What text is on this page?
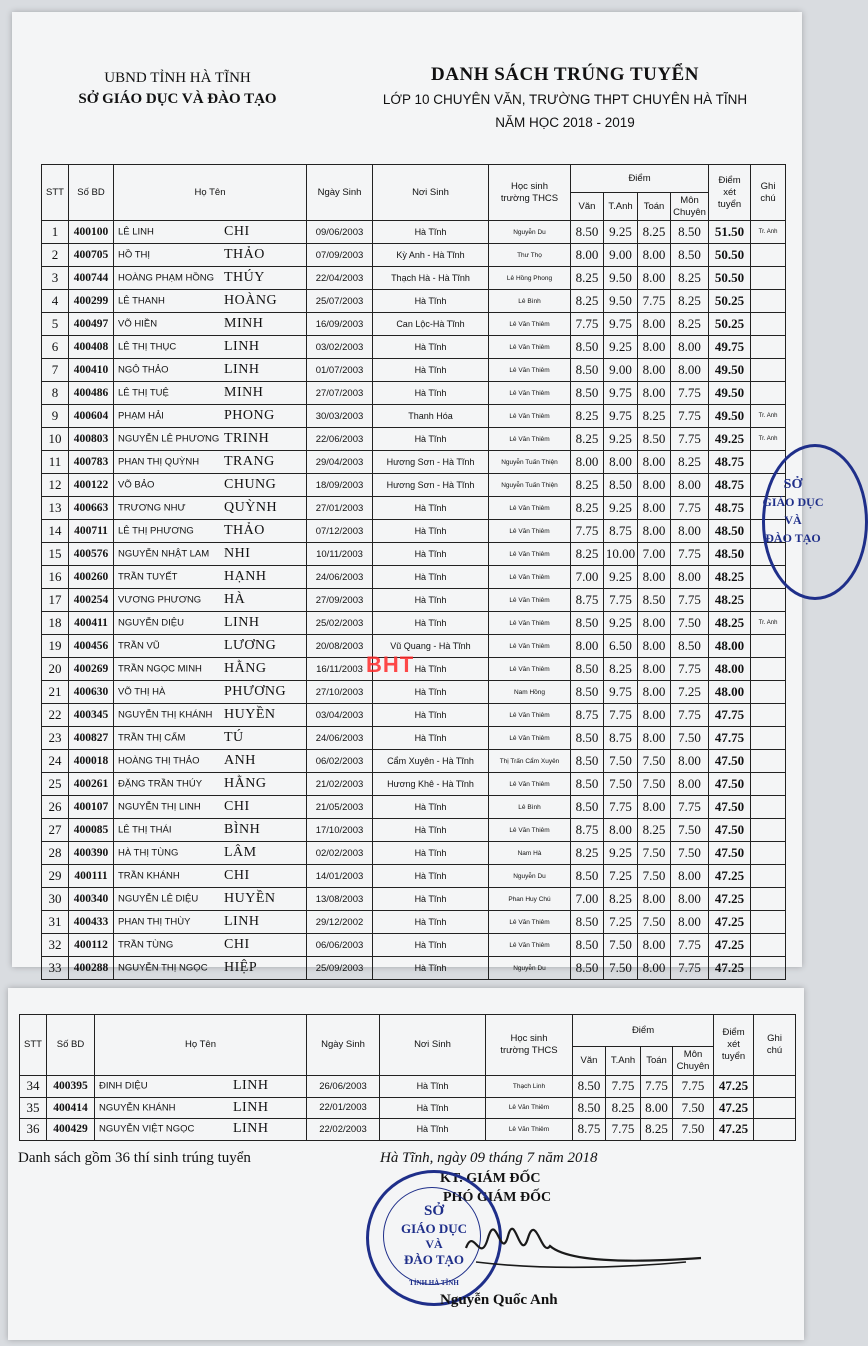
UBND TỈNH HÀ TĨNH
SỞ GIÁO DỤC VÀ ĐÀO TẠO
DANH SÁCH TRÚNG TUYỂN
LỚP 10 CHUYÊN VĂN, TRƯỜNG THPT CHUYÊN HÀ TĨNH
NĂM HỌC 2018 - 2019
STT	Số BD	Họ Tên	Ngày Sinh	Nơi Sinh	Học sinh
trường THCS	Điểm				Điểm
xét
tuyển	Ghi
chú
						Văn	T.Anh	Toán	Môn
Chuyên		
1	400100	LÊ LINH CHI	09/06/2003	Hà Tĩnh	Nguyễn Du	8.50	9.25	8.25	8.50	51.50	Tr. Anh
2	400705	HỒ THỊ THẢO	07/09/2003	Kỳ Anh - Hà Tĩnh	Thư Thọ	8.00	9.00	8.00	8.50	50.50	
3	400744	HOÀNG PHẠM HỒNG THÚY	22/04/2003	Thạch Hà - Hà Tĩnh	Lê Hồng Phong	8.25	9.50	8.00	8.25	50.50	
4	400299	LÊ THANH HOÀNG	25/07/2003	Hà Tĩnh	Lê Bình	8.25	9.50	7.75	8.25	50.25	
5	400497	VÕ HIỀN MINH	16/09/2003	Can Lộc-Hà Tĩnh	Lê Văn Thiêm	7.75	9.75	8.00	8.25	50.25	
6	400408	LÊ THỊ THỤC LINH	03/02/2003	Hà Tĩnh	Lê Văn Thiêm	8.50	9.25	8.00	8.00	49.75	
7	400410	NGÔ THẢO LINH	01/07/2003	Hà Tĩnh	Lê Văn Thiêm	8.50	9.00	8.00	8.00	49.50	
8	400486	LÊ THỊ TUỆ MINH	27/07/2003	Hà Tĩnh	Lê Văn Thiêm	8.50	9.75	8.00	7.75	49.50	
9	400604	PHẠM HẢI PHONG	30/03/2003	Thanh Hóa	Lê Văn Thiêm	8.25	9.75	8.25	7.75	49.50	Tr. Anh
10	400803	NGUYỄN LÊ PHƯƠNG TRINH	22/06/2003	Hà Tĩnh	Lê Văn Thiêm	8.25	9.25	8.50	7.75	49.25	Tr. Anh
11	400783	PHAN THỊ QUỲNH TRANG	29/04/2003	Hương Sơn - Hà Tĩnh	Nguyễn Tuấn Thiện	8.00	8.00	8.00	8.25	48.75	
12	400122	VÕ BẢO CHUNG	18/09/2003	Hương Sơn - Hà Tĩnh	Nguyễn Tuấn Thiện	8.25	8.50	8.00	8.00	48.75	
13	400663	TRƯƠNG NHƯ QUỲNH	27/01/2003	Hà Tĩnh	Lê Văn Thiêm	8.25	9.25	8.00	7.75	48.75	
14	400711	LÊ THỊ PHƯƠNG THẢO	07/12/2003	Hà Tĩnh	Lê Văn Thiêm	7.75	8.75	8.00	8.00	48.50	
15	400576	NGUYỄN NHẬT LAM NHI	10/11/2003	Hà Tĩnh	Lê Văn Thiêm	8.25	10.00	7.00	7.75	48.50	
16	400260	TRẦN TUYẾT HẠNH	24/06/2003	Hà Tĩnh	Lê Văn Thiêm	7.00	9.25	8.00	8.00	48.25	
17	400254	VƯƠNG PHƯƠNG HÀ	27/09/2003	Hà Tĩnh	Lê Văn Thiêm	8.75	7.75	8.50	7.75	48.25	
18	400411	NGUYỄN DIỆU LINH	25/02/2003	Hà Tĩnh	Lê Văn Thiêm	8.50	9.25	8.00	7.50	48.25	Tr. Anh
19	400456	TRẦN VŨ LƯƠNG	20/08/2003	Vũ Quang - Hà Tĩnh	Lê Văn Thiêm	8.00	6.50	8.00	8.50	48.00	
20	400269	TRẦN NGỌC MINH HẰNG	16/11/2003	Hà Tĩnh	Lê Văn Thiêm	8.50	8.25	8.00	7.75	48.00	
21	400630	VÕ THỊ HÀ PHƯƠNG	27/10/2003	Hà Tĩnh	Nam Hồng	8.50	9.75	8.00	7.25	48.00	
22	400345	NGUYỄN THỊ KHÁNH HUYỀN	03/04/2003	Hà Tĩnh	Lê Văn Thiêm	8.75	7.75	8.00	7.75	47.75	
23	400827	TRẦN THỊ CẨM TÚ	24/06/2003	Hà Tĩnh	Lê Văn Thiêm	8.50	8.75	8.00	7.50	47.75	
24	400018	HOÀNG THỊ THẢO ANH	06/02/2003	Cẩm Xuyên - Hà Tĩnh	Thị Trấn Cẩm Xuyên	8.50	7.50	7.50	8.00	47.50	
25	400261	ĐẶNG TRẦN THÚY HẰNG	21/02/2003	Hương Khê - Hà Tĩnh	Lê Văn Thiêm	8.50	7.50	7.50	8.00	47.50	
26	400107	NGUYỄN THỊ LINH CHI	21/05/2003	Hà Tĩnh	Lê Bình	8.50	7.75	8.00	7.75	47.50	
27	400085	LÊ THỊ THÁI BÌNH	17/10/2003	Hà Tĩnh	Lê Văn Thiêm	8.75	8.00	8.25	7.50	47.50	
28	400390	HÀ THỊ TÙNG LÂM	02/02/2003	Hà Tĩnh	Nam Hà	8.25	9.25	7.50	7.50	47.50	
29	400111	TRẦN KHÁNH CHI	14/01/2003	Hà Tĩnh	Nguyễn Du	8.50	7.25	7.50	8.00	47.25	
30	400340	NGUYỄN LÊ DIỆU HUYỀN	13/08/2003	Hà Tĩnh	Phan Huy Chú	7.00	8.25	8.00	8.00	47.25	
31	400433	PHAN THỊ THÙY LINH	29/12/2002	Hà Tĩnh	Lê Văn Thiêm	8.50	7.25	7.50	8.00	47.25	
32	400112	TRẦN TÙNG CHI	06/06/2003	Hà Tĩnh	Lê Văn Thiêm	8.50	7.50	8.00	7.75	47.25	
33	400288	NGUYỄN THỊ NGỌC HIỆP	25/09/2003	Hà Tĩnh	Nguyễn Du	8.50	7.50	8.00	7.75	47.25	
STT	Số BD	Họ Tên	Ngày Sinh	Nơi Sinh	Học sinh
trường THCS	Điểm				Điểm
xét
tuyển	Ghi
chú
						Văn	T.Anh	Toán	Môn
Chuyên		
34	400395	ĐINH DIỆU LINH	26/06/2003	Hà Tĩnh	Thạch Linh	8.50	7.75	7.75	7.75	47.25	
35	400414	NGUYỄN KHÁNH LINH	22/01/2003	Hà Tĩnh	Lê Văn Thiêm	8.50	8.25	8.00	7.50	47.25	
36	400429	NGUYỄN VIỆT NGỌC LINH	22/02/2003	Hà Tĩnh	Lê Văn Thiêm	8.75	7.75	8.25	7.50	47.25	
Danh sách gồm 36 thí sinh trúng tuyển	Hà Tĩnh, ngày 09 tháng 7 năm 2018
KT. GIÁM ĐỐC
PHÓ GIÁM ĐỐC
SỞ
GIÁO DỤC
VÀ
ĐÀO TẠO
TỈNH HÀ TĨNH
SỞ
GIÁO DỤC
VÀ
ĐÀO TẠO
Nguyễn Quốc Anh
BHT
